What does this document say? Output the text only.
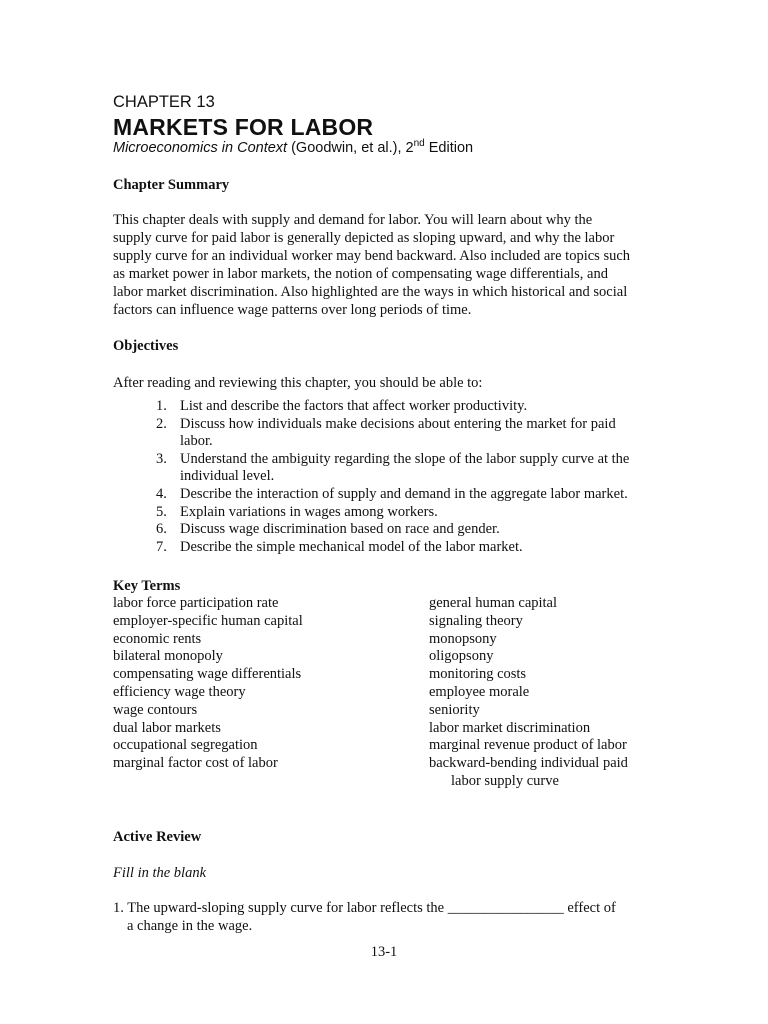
CHAPTER 13
MARKETS FOR LABOR
Microeconomics in Context (Goodwin, et al.), 2nd Edition
Chapter Summary
This chapter deals with supply and demand for labor. You will learn about why the
supply curve for paid labor is generally depicted as sloping upward, and why the labor
supply curve for an individual worker may bend backward. Also included are topics such
as market power in labor markets, the notion of compensating wage differentials, and
labor market discrimination. Also highlighted are the ways in which historical and social
factors can influence wage patterns over long periods of time.
Objectives
After reading and reviewing this chapter, you should be able to:
1. List and describe the factors that affect worker productivity.
2. Discuss how individuals make decisions about entering the market for paid
labor.
3. Understand the ambiguity regarding the slope of the labor supply curve at the
individual level.
4. Describe the interaction of supply and demand in the aggregate labor market.
5. Explain variations in wages among workers.
6. Discuss wage discrimination based on race and gender.
7. Describe the simple mechanical model of the labor market.
Key Terms
labor force participation rate
employer-specific human capital
economic rents
bilateral monopoly
compensating wage differentials
efficiency wage theory
wage contours
dual labor markets
occupational segregation
marginal factor cost of labor
general human capital
signaling theory
monopsony
oligopsony
monitoring costs
employee morale
seniority
labor market discrimination
marginal revenue product of labor
backward-bending individual paid
labor supply curve
Active Review
Fill in the blank
1. The upward-sloping supply curve for labor reflects the ________________ effect of
a change in the wage.
13-1
